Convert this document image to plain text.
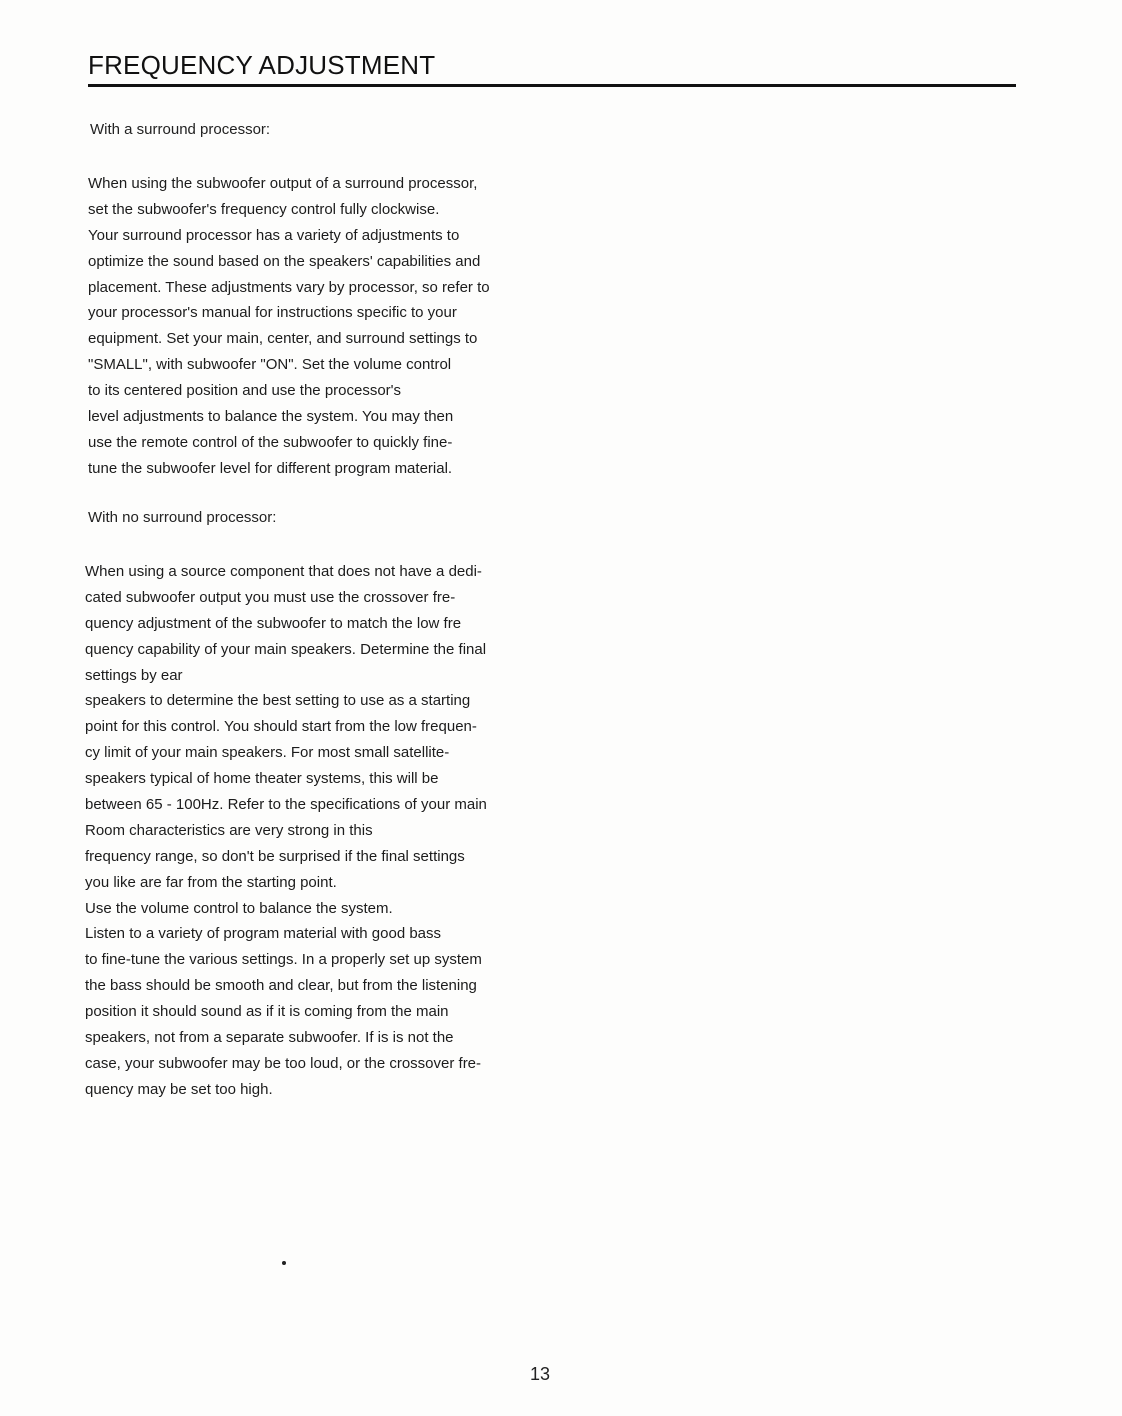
FREQUENCY ADJUSTMENT
With a surround processor:
When using the subwoofer output of a surround processor,
set the subwoofer's frequency control fully clockwise.
Your surround processor has a variety of adjustments to
optimize the sound based on the speakers' capabilities and
placement. These adjustments vary by processor, so refer to
your processor's manual for instructions specific to your
equipment. Set your main, center, and surround settings to
"SMALL", with subwoofer "ON". Set the volume control
to its centered position and use the processor's
level adjustments to balance the system. You may then
use the remote control of the subwoofer to quickly fine-
tune the subwoofer level for different program material.
With no surround processor:
When using a source component that does not have a dedi-
cated subwoofer output you must use the crossover fre-
quency adjustment of the subwoofer to match the low fre
quency capability of your main speakers. Determine the final
settings by ear
speakers to determine the best setting to use as a starting
point for this control. You should start from the low frequen-
cy limit of your main speakers. For most small satellite-
speakers typical of home theater systems, this will be
between 65 - 100Hz. Refer to the specifications of your main
Room characteristics are very strong in this
frequency range, so don't be surprised if the final settings
you like are far from the starting point.
Use the volume control to balance the system.
Listen to a variety of program material with good bass
to fine-tune the various settings. In a properly set up system
the bass should be smooth and clear, but from the listening
position it should sound as if it is coming from the main
speakers, not from a separate subwoofer. If is is not the
case, your subwoofer may be too loud, or the crossover fre-
quency may be set too high.
13
